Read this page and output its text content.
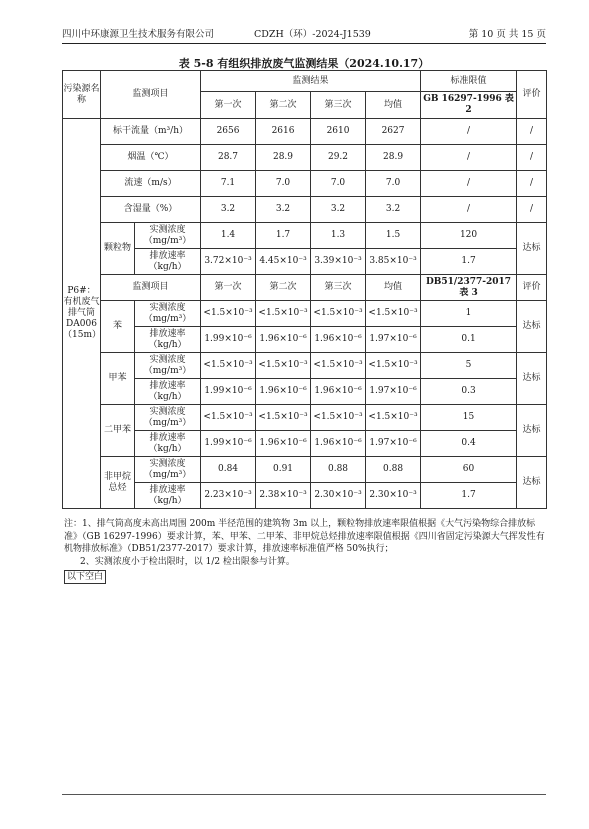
四川中环康源卫生技术服务有限公司	CDZH（环）-2024-J1539	第 10 页 共 15 页
表 5-8 有组织排放废气监测结果（2024.10.17）
污染源名称	监测项目		监测结果				标准限值	评价
			第一次	第二次	第三次	均值	GB 16297-1996 表 2	
P6#：有机废气排气筒DA006（15m）	标干流量（m³/h）		2656	2616	2610	2627	/	/
	烟温（℃）		28.7	28.9	29.2	28.9	/	/
	流速（m/s）		7.1	7.0	7.0	7.0	/	/
	含湿量（%）		3.2	3.2	3.2	3.2	/	/
	颗粒物	实测浓度（mg/m³）	1.4	1.7	1.3	1.5	120	达标
		排放速率（kg/h）	3.72×10⁻³	4.45×10⁻³	3.39×10⁻³	3.85×10⁻³	1.7	
	监测项目		第一次	第二次	第三次	均值	DB51/2377-2017 表 3	评价
	苯	实测浓度（mg/m³）	<1.5×10⁻³	<1.5×10⁻³	<1.5×10⁻³	<1.5×10⁻³	1	达标
		排放速率（kg/h）	1.99×10⁻⁶	1.96×10⁻⁶	1.96×10⁻⁶	1.97×10⁻⁶	0.1	
	甲苯	实测浓度（mg/m³）	<1.5×10⁻³	<1.5×10⁻³	<1.5×10⁻³	<1.5×10⁻³	5	达标
		排放速率（kg/h）	1.99×10⁻⁶	1.96×10⁻⁶	1.96×10⁻⁶	1.97×10⁻⁶	0.3	
	二甲苯	实测浓度（mg/m³）	<1.5×10⁻³	<1.5×10⁻³	<1.5×10⁻³	<1.5×10⁻³	15	达标
		排放速率（kg/h）	1.99×10⁻⁶	1.96×10⁻⁶	1.96×10⁻⁶	1.97×10⁻⁶	0.4	
	非甲烷总烃	实测浓度（mg/m³）	0.84	0.91	0.88	0.88	60	达标
		排放速率（kg/h）	2.23×10⁻³	2.38×10⁻³	2.30×10⁻³	2.30×10⁻³	1.7	
注：1、排气筒高度未高出周围 200m 半径范围的建筑物 3m 以上，颗粒物排放速率限值根据《大气污染物综合排放标准》（GB 16297-1996）要求计算，苯、甲苯、二甲苯、非甲烷总烃排放速率限值根据《四川省固定污染源大气挥发性有机物排放标准》（DB51/2377-2017）要求计算，排放速率标准值严格 50%执行；
2、实测浓度小于检出限时，以 1/2 检出限参与计算。
以下空白
